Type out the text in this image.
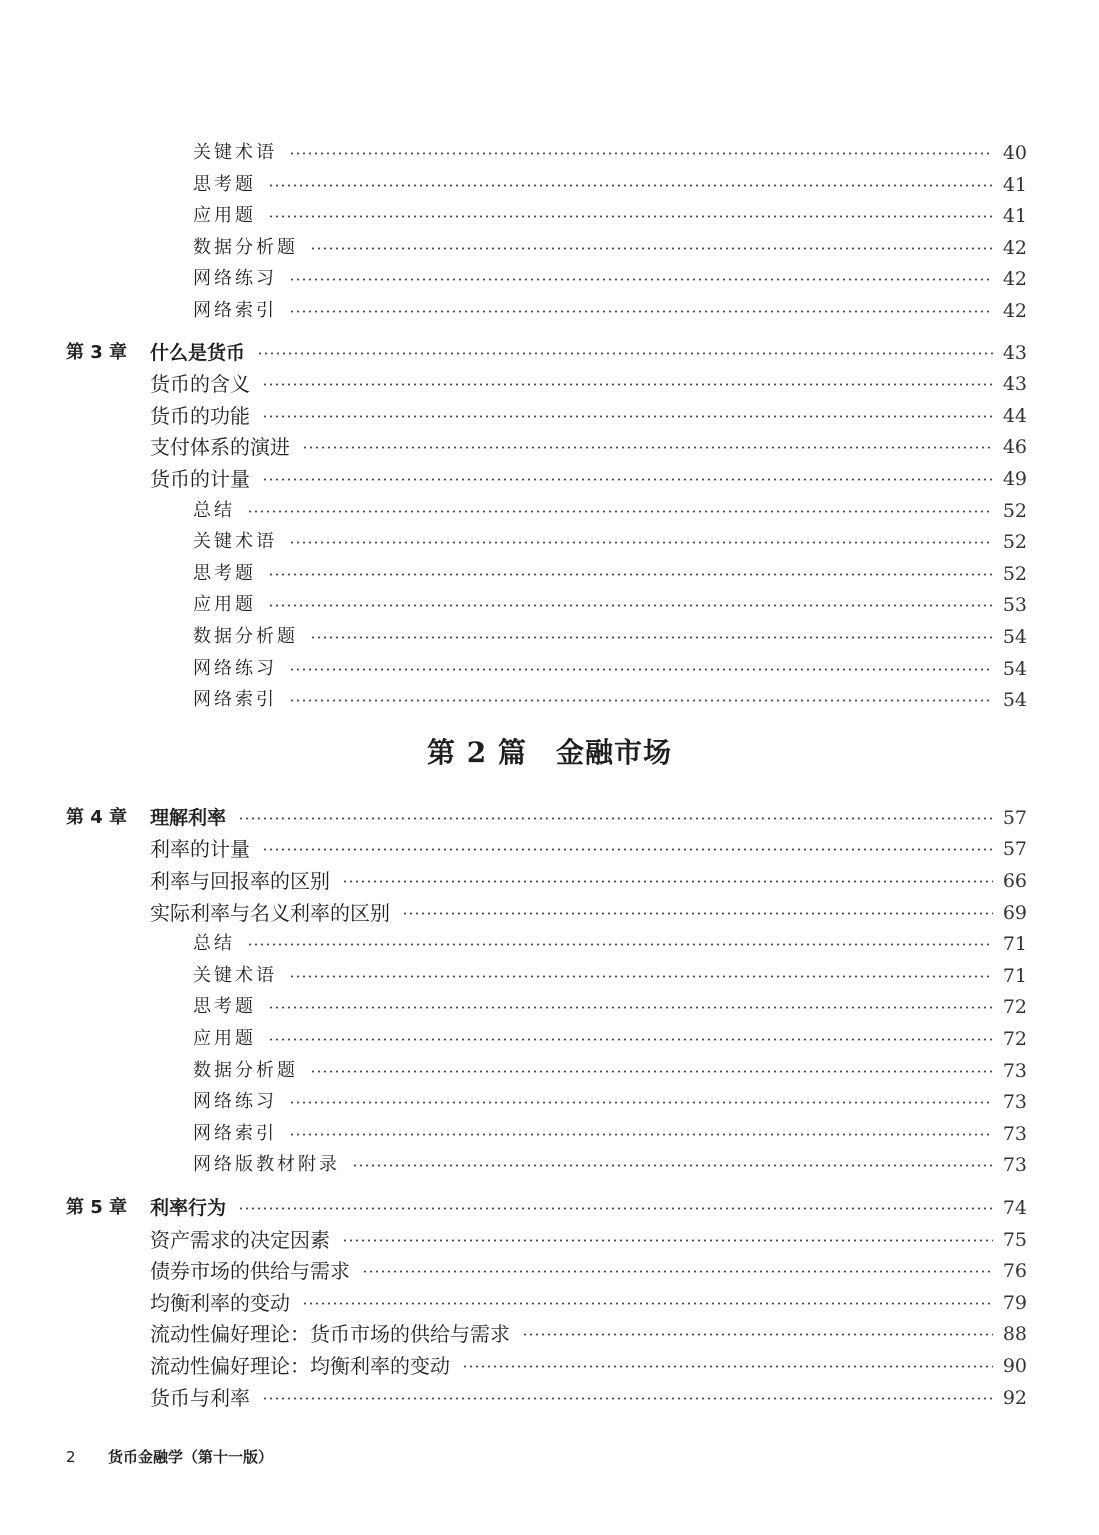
关键术语	40
思考题	41
应用题	41
数据分析题	42
网络练习	42
网络索引	42
第 3 章 什么是货币	43
货币的含义	43
货币的功能	44
支付体系的演进	46
货币的计量	49
总结	52
关键术语	52
思考题	52
应用题	53
数据分析题	54
网络练习	54
网络索引	54
第 2 篇　金融市场
第 4 章 理解利率	57
利率的计量	57
利率与回报率的区别	66
实际利率与名义利率的区别	69
总结	71
关键术语	71
思考题	72
应用题	72
数据分析题	73
网络练习	73
网络索引	73
网络版教材附录	73
第 5 章 利率行为	74
资产需求的决定因素	75
债券市场的供给与需求	76
均衡利率的变动	79
流动性偏好理论：货币市场的供给与需求	88
流动性偏好理论：均衡利率的变动	90
货币与利率	92
2 货币金融学（第十一版）
